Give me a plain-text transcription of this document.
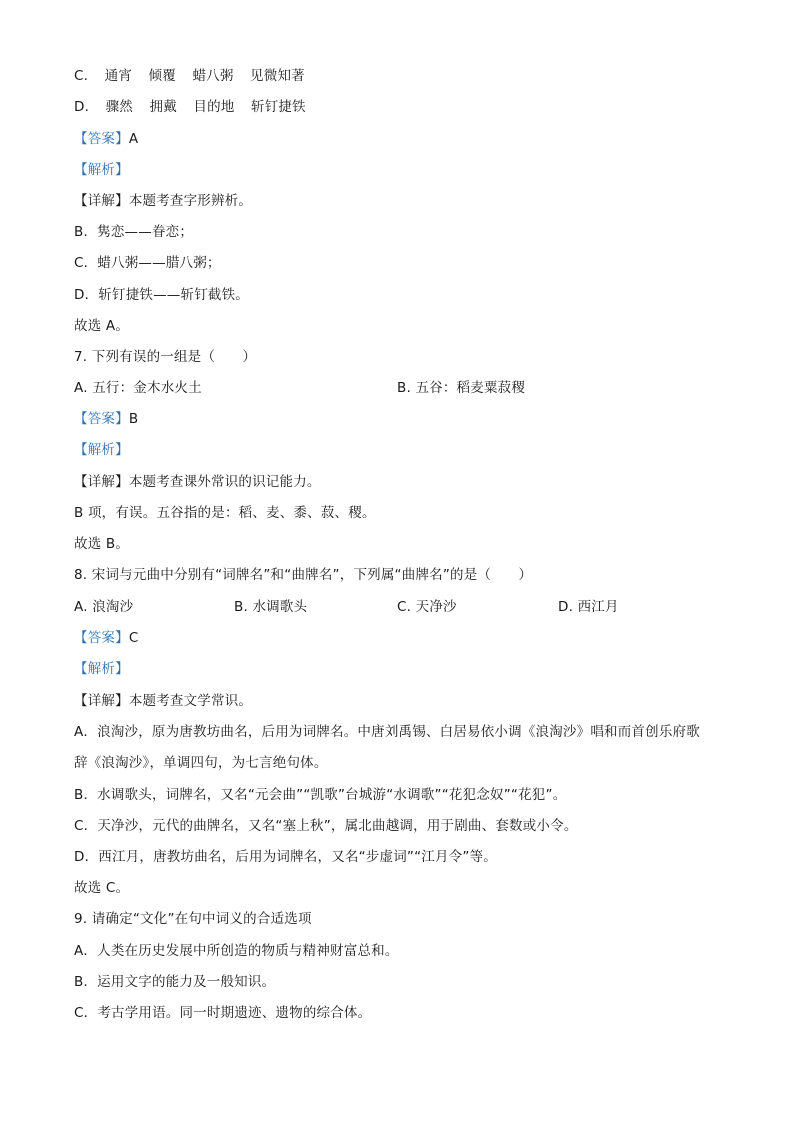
C. 通宵 倾覆 蜡八粥 见微知著
D. 骤然 拥戴 目的地 斩钉捷铁
【答案】A
【解析】
【详解】本题考查字形辨析。
B．隽恋——眷恋；
C．蜡八粥——腊八粥；
D．斩钉捷铁——斩钉截铁。
故选 A。
7. 下列有误的一组是（　　）
A. 五行：金木水火土	B. 五谷：稻麦粟菽稷
【答案】B
【解析】
【详解】本题考查课外常识的识记能力。
B 项，有误。五谷指的是：稻、麦、黍、菽、稷。
故选 B。
8. 宋词与元曲中分别有“词牌名”和“曲牌名”，下列属“曲牌名”的是（　　）
A. 浪淘沙	B. 水调歌头	C. 天净沙	D. 西江月
【答案】C
【解析】
【详解】本题考查文学常识。
A．浪淘沙，原为唐教坊曲名，后用为词牌名。中唐刘禹锡、白居易依小调《浪淘沙》唱和而首创乐府歌
辞《浪淘沙》，单调四句，为七言绝句体。
B．水调歌头，词牌名，又名“元会曲”“凯歌”台城游“水调歌”“花犯念奴”“花犯”。
C．天净沙，元代的曲牌名，又名“塞上秋”，属北曲越调，用于剧曲、套数或小令。
D．西江月，唐教坊曲名，后用为词牌名，又名“步虚词”“江月令”等。
故选 C。
9. 请确定“文化”在句中词义的合适选项
A．人类在历史发展中所创造的物质与精神财富总和。
B．运用文字的能力及一般知识。
C．考古学用语。同一时期遗迹、遗物的综合体。
